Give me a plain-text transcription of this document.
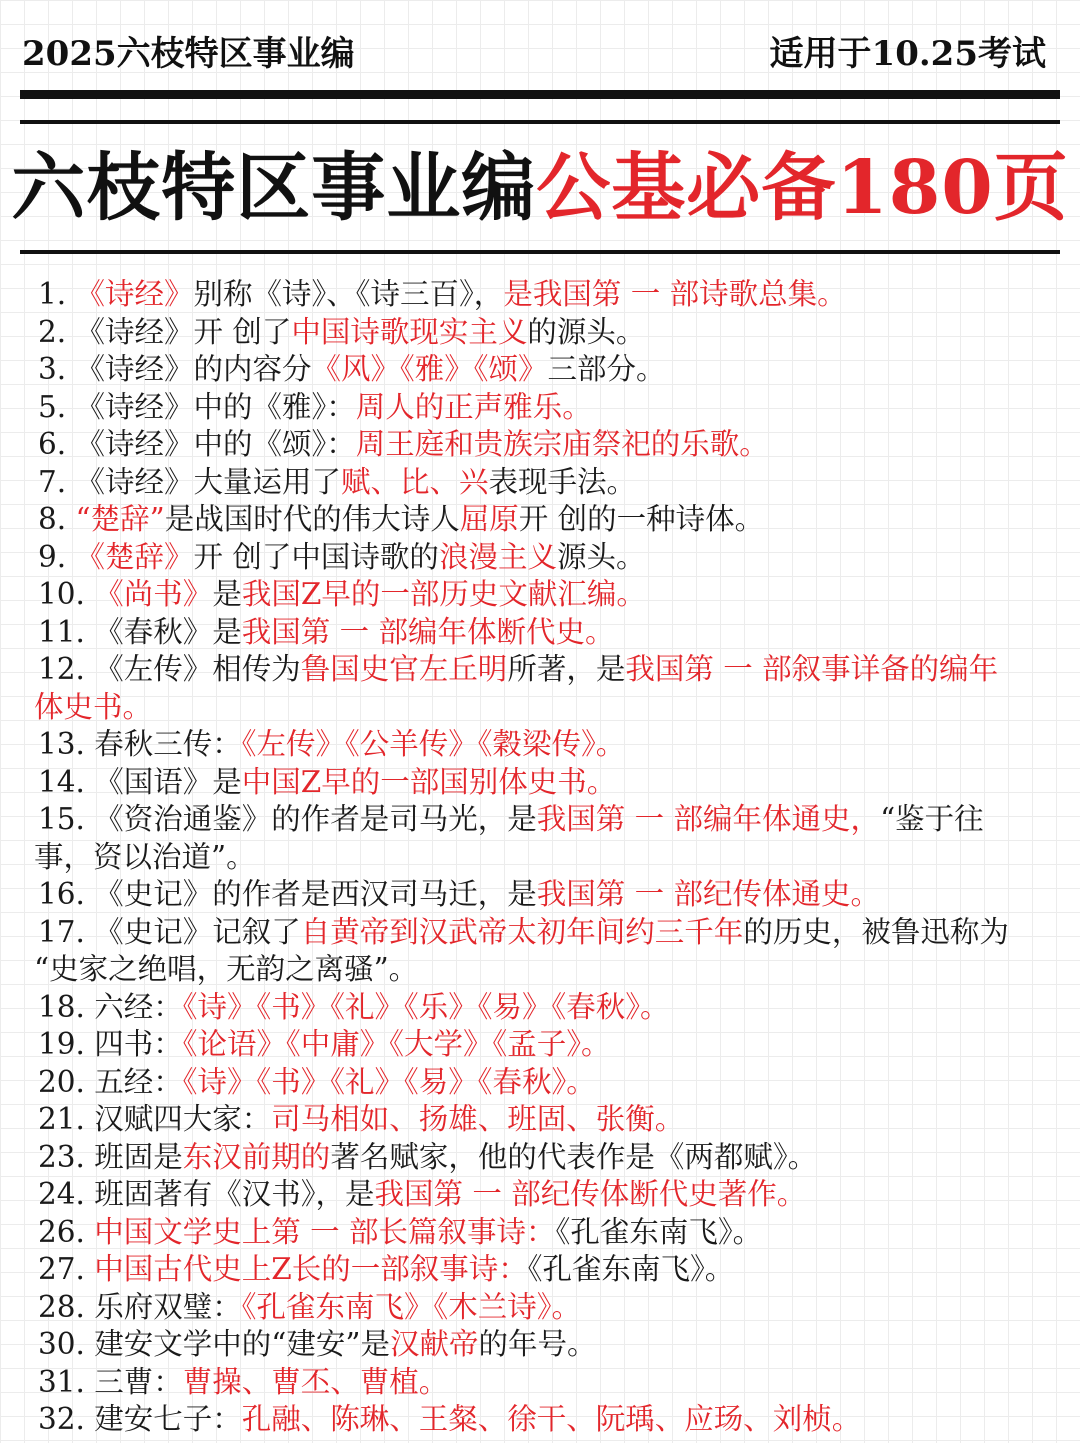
2025六枝特区事业编	适用于10.25考试
六枝特区事业编公基必备180页
1. 《诗经》别称《诗》、《诗三百》，是我国第 一 部诗歌总集。
2. 《诗经》开 创了中国诗歌现实主义的源头。
3. 《诗经》的内容分《风》《雅》《颂》三部分。
5. 《诗经》中的《雅》：周人的正声雅乐。
6. 《诗经》中的《颂》：周王庭和贵族宗庙祭祀的乐歌。
7. 《诗经》大量运用了赋、比、兴表现手法。
8. “楚辞”是战国时代的伟大诗人屈原开 创的一种诗体。
9. 《楚辞》开 创了中国诗歌的浪漫主义源头。
10. 《尚书》是我国Z早的一部历史文献汇编。
11. 《春秋》是我国第 一 部编年体断代史。
12. 《左传》相传为鲁国史官左丘明所著，是我国第 一 部叙事详备的编年
体史书。
13. 春秋三传：《左传》《公羊传》《穀梁传》。
14. 《国语》是中国Z早的一部国别体史书。
15. 《资治通鉴》的作者是司马光，是我国第 一 部编年体通史，“鉴于往
事，资以治道”。
16. 《史记》的作者是西汉司马迁，是我国第 一 部纪传体通史。
17. 《史记》记叙了自黄帝到汉武帝太初年间约三千年的历史，被鲁迅称为
“史家之绝唱，无韵之离骚”。
18. 六经：《诗》《书》《礼》《乐》《易》《春秋》。
19. 四书：《论语》《中庸》《大学》《孟子》。
20. 五经：《诗》《书》《礼》《易》《春秋》。
21. 汉赋四大家：司马相如、扬雄、班固、张衡。
23. 班固是东汉前期的著名赋家，他的代表作是《两都赋》。
24. 班固著有《汉书》，是我国第 一 部纪传体断代史著作。
26. 中国文学史上第 一 部长篇叙事诗：《孔雀东南飞》。
27. 中国古代史上Z长的一部叙事诗：《孔雀东南飞》。
28. 乐府双璧：《孔雀东南飞》《木兰诗》。
30. 建安文学中的“建安”是汉献帝的年号。
31. 三曹：曹操、曹丕、曹植。
32. 建安七子：孔融、陈琳、王粲、徐干、阮瑀、应玚、刘桢。
